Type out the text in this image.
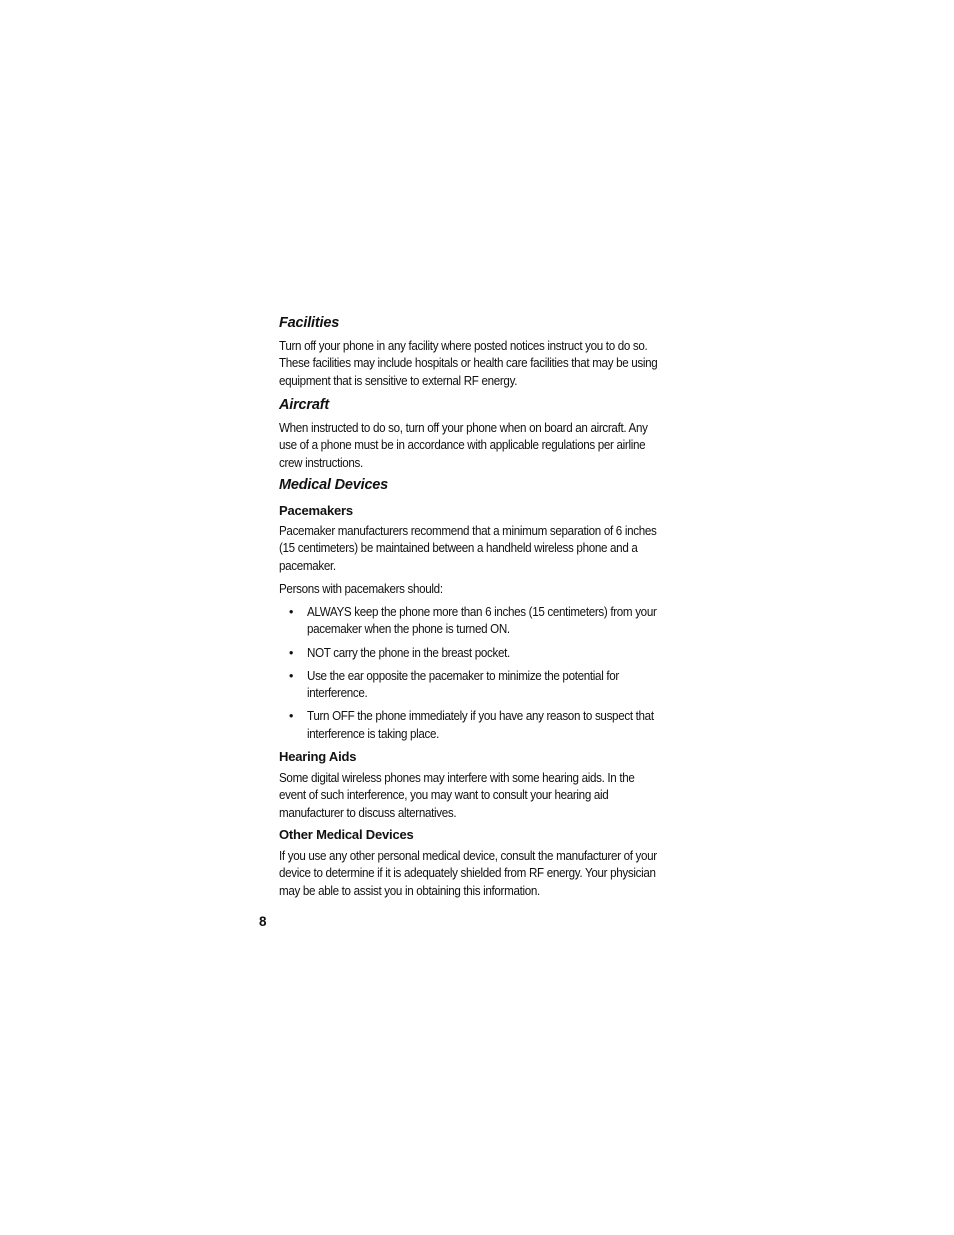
Facilities

Turn off your phone in any facility where posted notices instruct you to do so. These facilities may include hospitals or health care facilities that may be using equipment that is sensitive to external RF energy.

Aircraft

When instructed to do so, turn off your phone when on board an aircraft. Any use of a phone must be in accordance with applicable regulations per airline crew instructions.

Medical Devices
Pacemakers

Pacemaker manufacturers recommend that a minimum separation of 6 inches (15 centimeters) be maintained between a handheld wireless phone and a pacemaker.

Persons with pacemakers should:

• ALWAYS keep the phone more than 6 inches (15 centimeters) from your pacemaker when the phone is turned ON.

• NOT carry the phone in the breast pocket.

• Use the ear opposite the pacemaker to minimize the potential for interference.

• Turn OFF the phone immediately if you have any reason to suspect that interference is taking place.

Hearing Aids

Some digital wireless phones may interfere with some hearing aids. In the event of such interference, you may want to consult your hearing aid manufacturer to discuss alternatives.

Other Medical Devices

If you use any other personal medical device, consult the manufacturer of your device to determine if it is adequately shielded from RF energy. Your physician may be able to assist you in obtaining this information.

8
